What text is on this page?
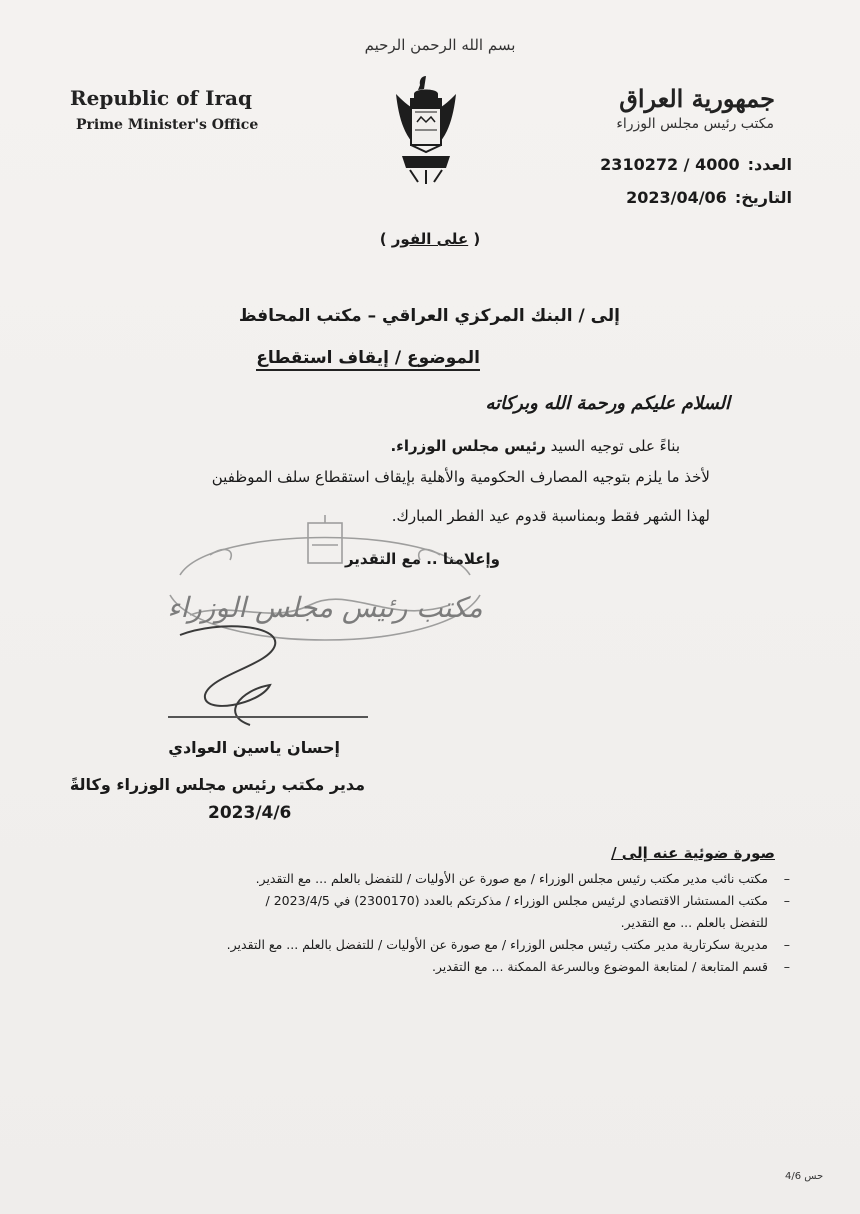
بسم الله الرحمن الرحيم
Republic of Iraq
Prime Minister's Office
جمهورية العراق
مكتب رئيس مجلس الوزراء
العدد:2310272 / 4000
التاريخ:2023/04/06
( على الفور )
إلى / البنك المركزي العراقي – مكتب المحافظ
الموضوع / إيقاف استقطاع
السلام عليكم ورحمة الله وبركاته
بناءً على توجيه السيد رئيس مجلس الوزراء.
لأخذ ما يلزم بتوجيه المصارف الحكومية والأهلية بإيقاف استقطاع سلف الموظفين
لهذا الشهر فقط وبمناسبة قدوم عيد الفطر المبارك.
مكتب رئيس مجلس الوزراء
وإعلامنا .. مع التقدير
إحسان ياسين العوادي
مدير مكتب رئيس مجلس الوزراء وكالةً
2023/4/6
صورة ضوئية عنه إلى /
– مكتب نائب مدير مكتب رئيس مجلس الوزراء / مع صورة عن الأوليات / للتفضل بالعلم ... مع التقدير.
– مكتب المستشار الاقتصادي لرئيس مجلس الوزراء / مذكرتكم بالعدد (2300170) في 2023/4/5 /
للتفضل بالعلم ... مع التقدير.
– مديرية سكرتارية مدير مكتب رئيس مجلس الوزراء / مع صورة عن الأوليات / للتفضل بالعلم ... مع التقدير.
– قسم المتابعة / لمتابعة الموضوع وبالسرعة الممكنة ... مع التقدير.
حس 4/6
